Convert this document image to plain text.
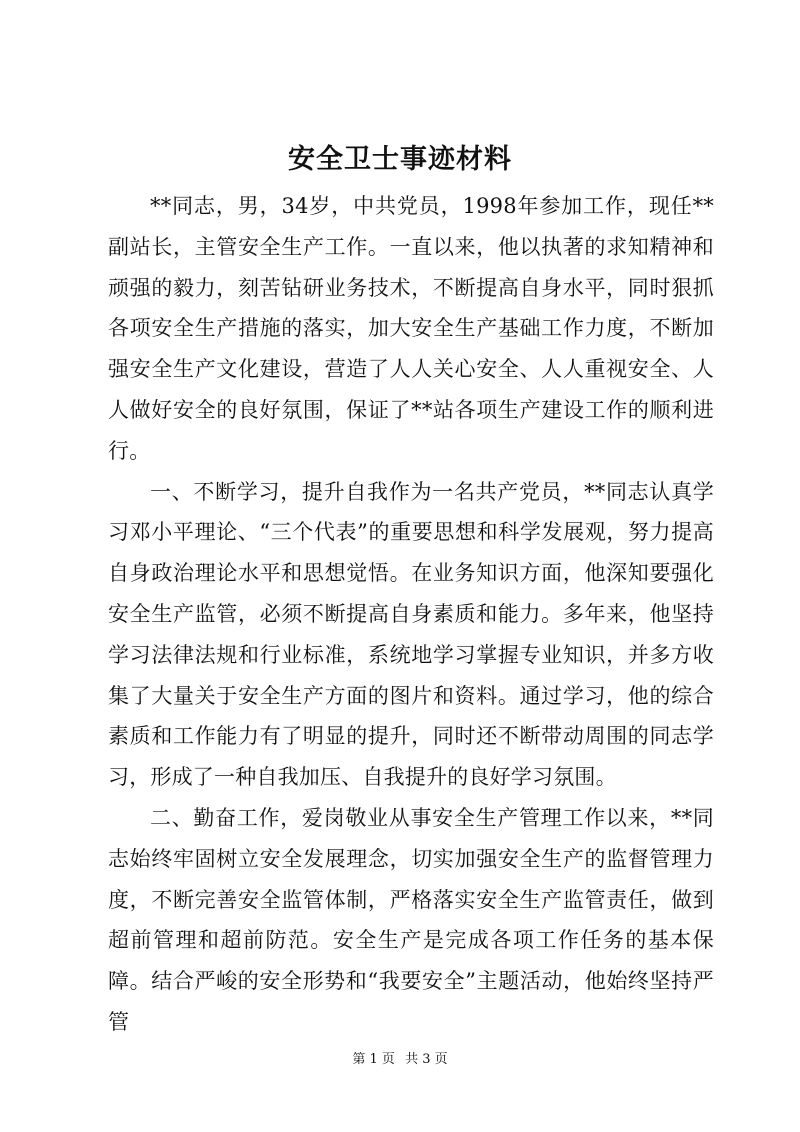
安全卫士事迹材料

**同志，男，34岁，中共党员，1998年参加工作，现任**副站长，主管安全生产工作。一直以来，他以执著的求知精神和顽强的毅力，刻苦钻研业务技术，不断提高自身水平，同时狠抓各项安全生产措施的落实，加大安全生产基础工作力度，不断加强安全生产文化建设，营造了人人关心安全、人人重视安全、人人做好安全的良好氛围，保证了**站各项生产建设工作的顺利进行。

一、不断学习，提升自我作为一名共产党员，**同志认真学习邓小平理论、“三个代表”的重要思想和科学发展观，努力提高自身政治理论水平和思想觉悟。在业务知识方面，他深知要强化安全生产监管，必须不断提高自身素质和能力。多年来，他坚持学习法律法规和行业标准，系统地学习掌握专业知识，并多方收集了大量关于安全生产方面的图片和资料。通过学习，他的综合素质和工作能力有了明显的提升，同时还不断带动周围的同志学习，形成了一种自我加压、自我提升的良好学习氛围。

二、勤奋工作，爱岗敬业从事安全生产管理工作以来，**同志始终牢固树立安全发展理念，切实加强安全生产的监督管理力度，不断完善安全监管体制，严格落实安全生产监管责任，做到超前管理和超前防范。安全生产是完成各项工作任务的基本保障。结合严峻的安全形势和“我要安全”主题活动，他始终坚持严管

第 1 页 共 3 页
